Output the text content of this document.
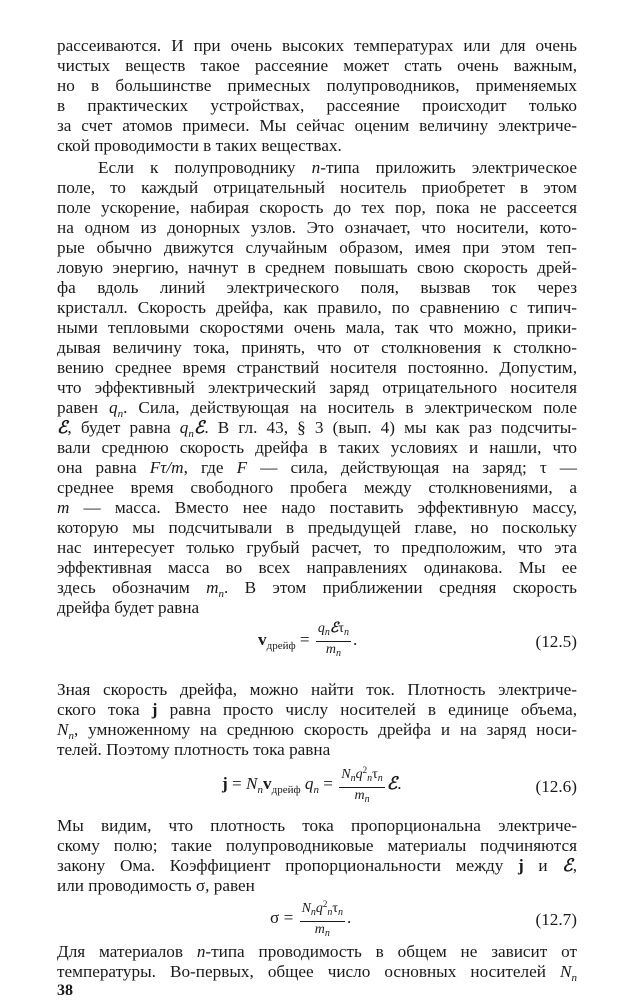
рассеиваются. И при очень высоких температурах или для очень
чистых веществ такое рассеяние может стать очень важным,
но в большинстве примесных полупроводников, применяемых
в практических устройствах, рассеяние происходит только
за счет атомов примеси. Мы сейчас оценим величину электриче-
ской проводимости в таких веществах.
Если к полупроводнику n-типа приложить электрическое
поле, то каждый отрицательный носитель приобретет в этом
поле ускорение, набирая скорость до тех пор, пока не рассеется
на одном из донорных узлов. Это означает, что носители, кото-
рые обычно движутся случайным образом, имея при этом теп-
ловую энергию, начнут в среднем повышать свою скорость дрей-
фа вдоль линий электрического поля, вызвав ток через
кристалл. Скорость дрейфа, как правило, по сравнению с типич-
ными тепловыми скоростями очень мала, так что можно, прики-
дывая величину тока, принять, что от столкновения к столкно-
вению среднее время странствий носителя постоянно. Допустим,
что эффективный электрический заряд отрицательного носителя
равен $q_n$. Сила, действующая на носитель в электрическом поле
ℰ, будет равна $q_nℰ$. В гл. 43, § 3 (вып. 4) мы как раз подсчиты-
вали среднюю скорость дрейфа в таких условиях и нашли, что
она равна Fτ/m, где F — сила, действующая на заряд; τ —
среднее время свободного пробега между столкновениями, а
m — масса. Вместо нее надо поставить эффективную массу,
которую мы подсчитывали в предыдущей главе, но поскольку
нас интересует только грубый расчет, то предположим, что эта
эффективная масса во всех направлениях одинакова. Мы ее
здесь обозначим $m_n$. В этом приближении средняя скорость
дрейфа будет равна
$v_{дрейф} = \frac{q_nℰ\tau_n}{m_n}$ .	(12.5)
Зная скорость дрейфа, можно найти ток. Плотность электриче-
ского тока j равна просто числу носителей в единице объема,
$N_n$, умноженному на среднюю скорость дрейфа и на заряд носи-
телей. Поэтому плотность тока равна
$j = N_nv_{дрейф}$ $q_n = \frac{N_nq^2_n\tau_n}{m_n}$ ℰ.	(12.6)
Мы видим, что плотность тока пропорциональна электриче-
скому полю; такие полупроводниковые материалы подчиняются
закону Ома. Коэффициент пропорциональности между j и ℰ,
или проводимость σ, равен
$\sigma = \frac{N_nq^2_n\tau_n}{m_n}$ .	(12.7)
Для материалов n-типа проводимость в общем не зависит от
температуры. Во-первых, общее число основных носителей $N_n$
38
